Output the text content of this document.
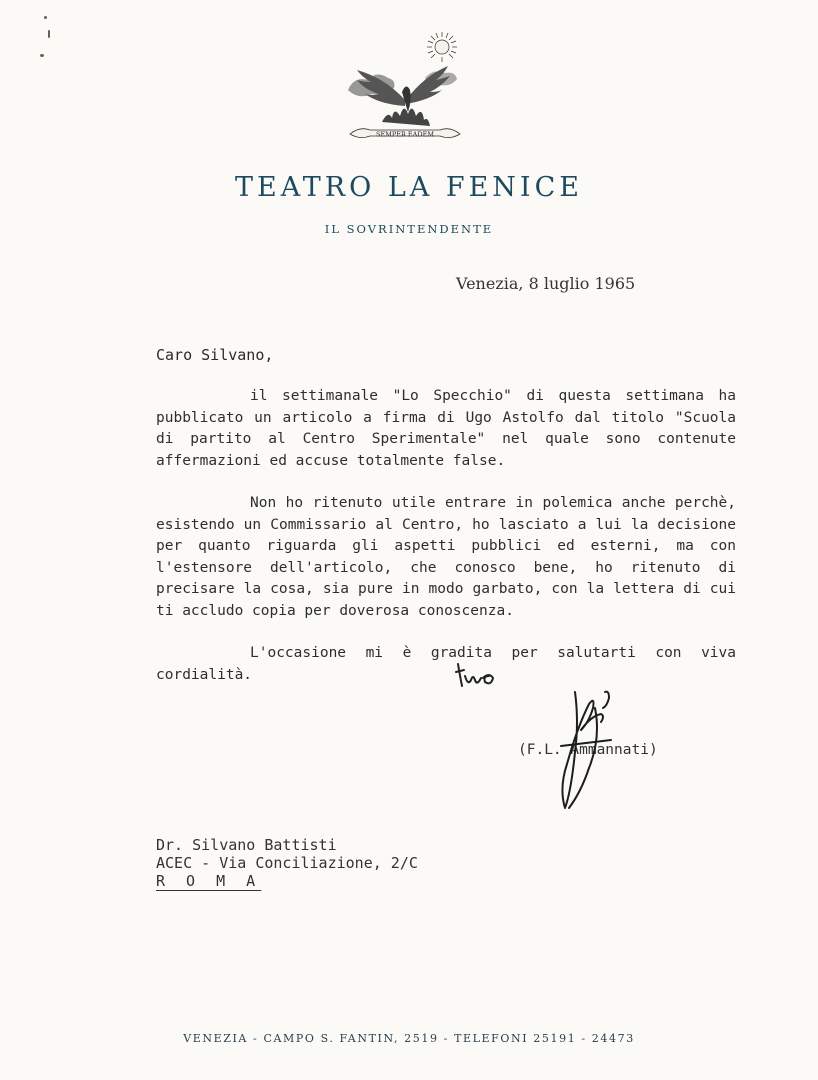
SEMPER EADEM
TEATRO LA FENICE
IL SOVRINTENDENTE
Venezia, 8 luglio 1965
Caro Silvano,

il settimanale "Lo Specchio" di questa settimana ha pubblicato un articolo a firma di Ugo Astolfo dal titolo "Scuola di partito al Centro Sperimentale" nel quale sono contenute affermazioni ed accuse totalmente false.

Non ho ritenuto utile entrare in polemica anche perchè, esistendo un Commissario al Centro, ho lasciato a lui la decisione per quanto riguarda gli aspetti pubblici ed esterni, ma con l'estensore dell'articolo, che conosco bene, ho ritenuto di precisare la cosa, sia pure in modo garbato, con la lettera di cui ti accludo copia per doverosa conoscenza.

L'occasione mi è gradita per salutarti con viva cordialità.

(F.L. Ammannati)
Dr. Silvano Battisti
ACEC - Via Conciliazione, 2/C
R O M A
VENEZIA - CAMPO S. FANTIN, 2519 - TELEFONI 25191 - 24473
